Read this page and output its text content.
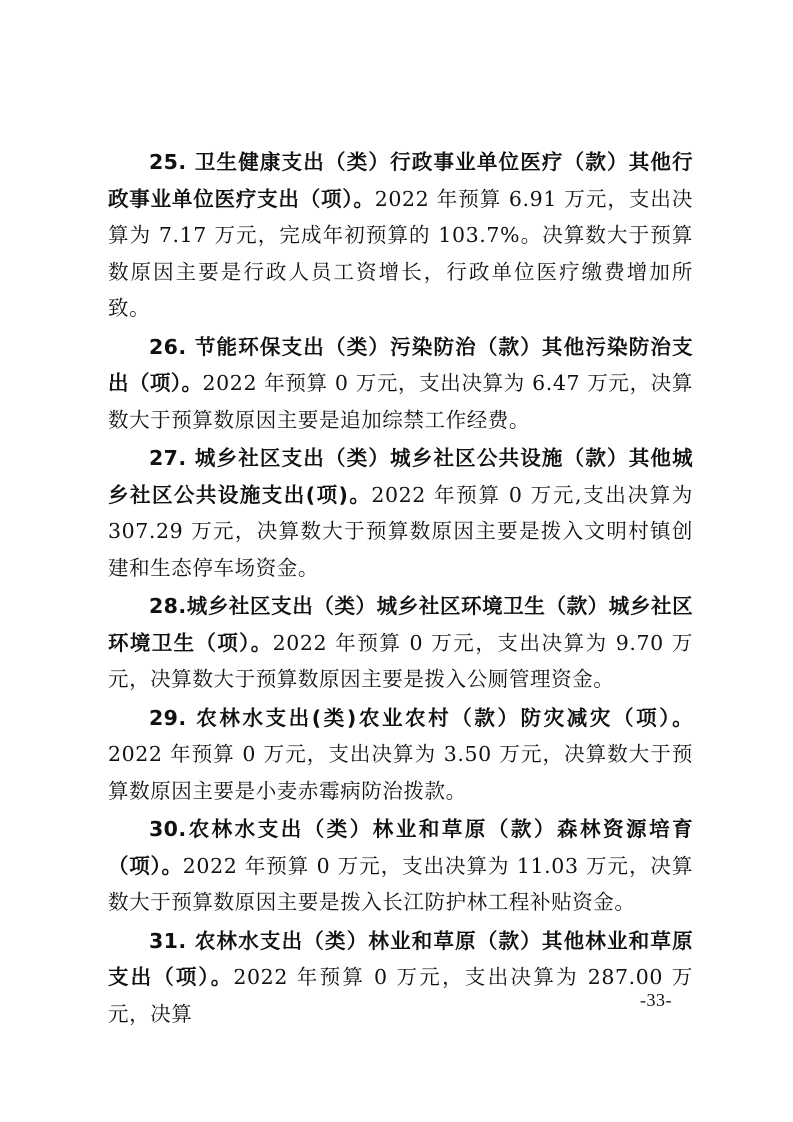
25. 卫生健康支出（类）行政事业单位医疗（款）其他行政事业单位医疗支出（项）。2022 年预算 6.91 万元，支出决算为 7.17 万元，完成年初预算的 103.7%。决算数大于预算数原因主要是行政人员工资增长，行政单位医疗缴费增加所致。

26. 节能环保支出（类）污染防治（款）其他污染防治支出（项）。2022 年预算 0 万元，支出决算为 6.47 万元，决算数大于预算数原因主要是追加综禁工作经费。

27. 城乡社区支出（类）城乡社区公共设施（款）其他城乡社区公共设施支出(项)。2022 年预算 0 万元,支出决算为 307.29 万元，决算数大于预算数原因主要是拨入文明村镇创建和生态停车场资金。

28.城乡社区支出（类）城乡社区环境卫生（款）城乡社区环境卫生（项）。2022 年预算 0 万元，支出决算为 9.70 万元，决算数大于预算数原因主要是拨入公厕管理资金。

29. 农林水支出(类)农业农村（款）防灾减灾（项）。2022 年预算 0 万元，支出决算为 3.50 万元，决算数大于预算数原因主要是小麦赤霉病防治拨款。

30.农林水支出（类）林业和草原（款）森林资源培育（项）。2022 年预算 0 万元，支出决算为 11.03 万元，决算数大于预算数原因主要是拨入长江防护林工程补贴资金。

31. 农林水支出（类）林业和草原（款）其他林业和草原支出（项）。2022 年预算 0 万元，支出决算为 287.00 万元，决算

-33-
